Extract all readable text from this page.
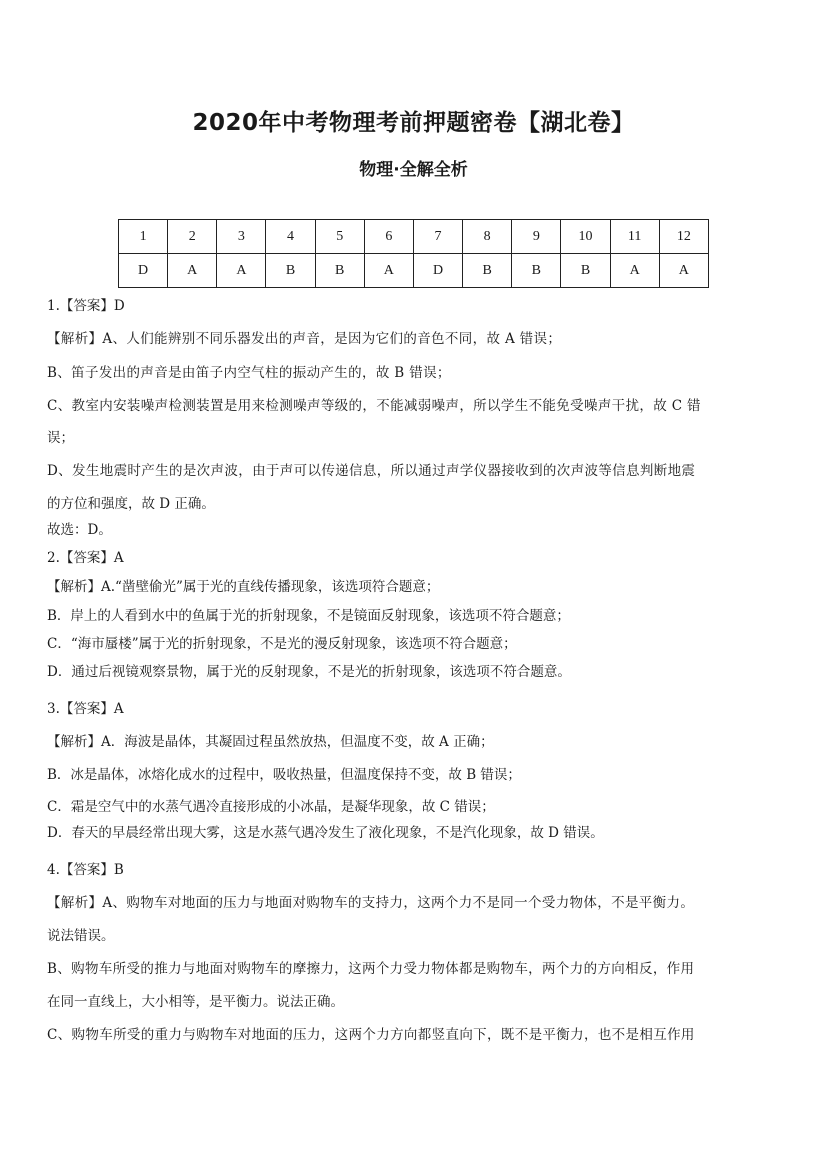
2020年中考物理考前押题密卷【湖北卷】
物理·全解全析
1	2	3	4	5	6	7	8	9	10	11	12
D	A	A	B	B	A	D	B	B	B	A	A
1.【答案】D
【解析】A、人们能辨别不同乐器发出的声音，是因为它们的音色不同，故 A 错误；
B、笛子发出的声音是由笛子内空气柱的振动产生的，故 B 错误；
C、教室内安装噪声检测装置是用来检测噪声等级的，不能减弱噪声，所以学生不能免受噪声干扰，故 C 错
误；
D、发生地震时产生的是次声波，由于声可以传递信息，所以通过声学仪器接收到的次声波等信息判断地震
的方位和强度，故 D 正确。
故选：D。
2.【答案】A
【解析】A.“凿壁偷光”属于光的直线传播现象，该选项符合题意；
B．岸上的人看到水中的鱼属于光的折射现象，不是镜面反射现象，该选项不符合题意；
C．“海市蜃楼”属于光的折射现象，不是光的漫反射现象，该选项不符合题意；
D．通过后视镜观察景物，属于光的反射现象，不是光的折射现象，该选项不符合题意。
3.【答案】A
【解析】A．海波是晶体，其凝固过程虽然放热，但温度不变，故 A 正确；
B．冰是晶体，冰熔化成水的过程中，吸收热量，但温度保持不变，故 B 错误；
C．霜是空气中的水蒸气遇冷直接形成的小冰晶，是凝华现象，故 C 错误；
D．春天的早晨经常出现大雾，这是水蒸气遇冷发生了液化现象，不是汽化现象，故 D 错误。
4.【答案】B
【解析】A、购物车对地面的压力与地面对购物车的支持力，这两个力不是同一个受力物体，不是平衡力。
说法错误。
B、购物车所受的推力与地面对购物车的摩擦力，这两个力受力物体都是购物车，两个力的方向相反，作用
在同一直线上，大小相等，是平衡力。说法正确。
C、购物车所受的重力与购物车对地面的压力，这两个力方向都竖直向下，既不是平衡力，也不是相互作用
